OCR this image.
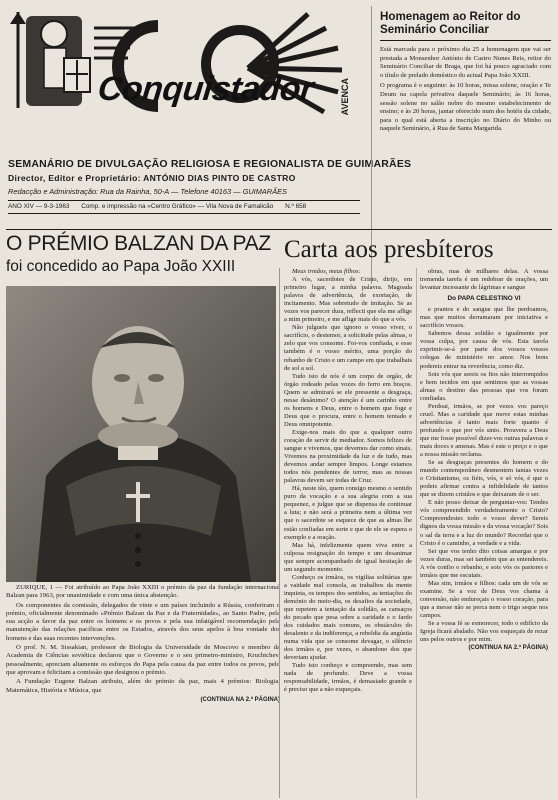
Conquistador	AVENCA
SEMANÁRIO DE DIVULGAÇÃO RELIGIOSA E REGIONALISTA DE GUIMARÃES
Director, Editor e Proprietário: ANTÓNIO DIAS PINTO DE CASTRO
Redacção e Administração: Rua da Rainha, 50-A — Telefone 40163 — GUIMARÃES
ANO XIV — 9-3-1963 Comp. e impressão na «Centro Gráfico» — Vila Nova de Famalicão N.º 658
Homenagem ao Reitor do Seminário Conciliar

Está marcada para o próximo dia 25 a homenagem que vai ser prestada a Monsenhor António de Castro Nunes Reis, reitor do Seminário Conciliar de Braga, que foi há pouco agraciado com o título de prelado doméstico do actual Papa João XXIII.

O programa é o seguinte: às 10 horas, missa solene, oração e Te Deum na capela privativa daquele Seminário; às 16 horas, sessão solene no salão nobre do mesmo estabelecimento de ensino; e às 20 horas, jantar oferecido num dos hotéis da cidade, para o qual está aberta a inscrição no Diário do Minho ou naquele Seminário, à Rua de Santa Margarida.

O PRÉMIO BALZAN DA PAZ
foi concedido ao Papa João XXIII

ZURIQUE, 1 — Foi atribuído ao Papa João XXIII o prémio da paz da fundação internacional Balzan para 1963, por unanimidade e com uma única abstenção.

Os componentes da comissão, delegados de vinte e um países incluindo a Rússia, conferiram o prémio, oficialmente denominado «Prémio Balzan da Paz e da Fraternidade», ao Santo Padre, pela sua acção a favor da paz entre os homens e os povos e pela sua infatigável recomendação pela manutenção das relações pacíficas entre os Estados, através dos seus apelos à boa vontade dos homens e das suas recentes intervenções.

O prof. N. M. Sissakian, professor de Biologia da Universidade de Moscovo e membro da Academia de Ciências soviética declarou que o Governo e o seu primeiro-ministro, Kruchtchev, pessoalmente, apreciam altamente os esforços do Papa pela causa da paz entre todos os povos, pelo que aprovam e felicitam a comissão que designou o prémio.

A Fundação Eugene Balzan atribuiu, além do prémio da paz, mais 4 prémios: Biologia, Matemática, História e Música, que

(CONTINUA NA 2.ª PÁGINA)
Carta aos presbíteros

Meus irmãos, meus filhos:

A vós, sacerdotes de Cristo, dirijo, em primeiro lugar, a minha palavra. Magoada palavra de advertência, de exortação, de incitamento. Mas sobretudo de imitação. Se as vezes vos parecer dura, reflecti que ela me aflige a mim primeiro, e me aflige mais do que a vós.

Não julgueis que ignoro o vosso viver, o sacrifício, o destemor, a solicitude pelas almas, o zelo que vos consome. Foi-vos confiada, e esse também é o vosso mérito, uma porção do rebanho de Cristo e um campo em que trabalhais de sol a sol.

Tudo isto de nós é um corpo de orgão, de órgão rodeado pelas vozes do ferro em braços. Quem se admirará se ele pressente a desgraça, nesse desânimo? O atenção é um carinho entre os homens e Deus, entre o homem que foge e Deus que o procura, entre o homem tentado e Deus omnipotente.

Exige-nos mais do que a qualquer outro coração de servir de mediador. Somos felizes de sangue e vivemos, que devemos dar como sinais. Vivemos na proximidade da luz e de tudo, mas devemos andar sempre limpos. Longe estamos todos nós pendentes de terror, mas as nossas palavras devem ser todas de Cruz.

Há, neste tão, quem consigo mesmo o sentido puro da vocação e a sua alegria com a sua pequenez, e julgue que se dispensa de continuar a luta; e não será a primeira nem a última vez que o sacerdote se esquece de que as almas lhe estão confiadas em sorte e que de ele se espera o exemplo e a oração.

Mas há, infelizmente quem viva entre a culposa resignação do tempo e um desanimar que sempre acompanhado de igual hesitação de um segundo momento.

Conheço os irmãos, os vigilias solitárias que a vaidade mal consola, as trabalhos da mente inquieta, os tempos dos sentidos, as tentações do demónio do meio-dia, os desafios da sociedade, que repetem a tentação da solidão, as cansaços do pecado que pesa sobre a caridade e o fardo dos cuidados mais comuns, os obstáculos do desalento e da indiferença, a rebeldia da angústia numa vida que se consome devagar, o silêncio dos irmãos e, por vezes, o abandono dos que deveriam ajudar.

Tudo isto conheço e compreendo, mas sem nada de profundo. Deve a vossa responsabilidade, irmãos, é demasiado grande e é preciso que a não esqueçais.

obras, mas de milhares delas. A vossa tremenda tarefa é um redobrar de orações, um levantar incessante de lágrimas e sangue

Do PAPA CELESTINO VI

e prantos e do sangue que lhe perdoamos, mas que muitos derramaram por iniciativa e sacrifício vossos.

Sabemos dessa solidão e igualmente por vossa culpa, por causa de vós. Esta tarefa exprimir-se-á por parte dos vossos vossos colegas de ministério no amor. Nos bons podereis entrar na reverência, como diz.

Sois vós que sereis os fios não interrompidos e bem tecidos em que sentimos que as vossas almas o destino das pessoas que vos foram confiadas.

Perdoai, irmãos, se por vezes vos pareço cruel. Mas a caridade que move estas minhas advertências é tanto mais forte quanto é profundo o que por vós sinto. Prouvera a Deus que me fosse possível dizer-vos outras palavras e mais doces e amenas. Mas é este o preço e o que a nossa missão reclama.

Se as desgraças presentes do homem e do mundo contemporâneo desmentem tantas vezes o Cristianismo, os fiéis, vós, e só vós, é que o podeis afirmar contra a infidelidade de tantos que se dizem cristãos e que deixaram de o ser.

E não posso deixar de perguntar-vos: Tendes vós compreendido verdadeiramente o Cristo? Compreendestes todo o vosso dever? Sereis dignos da vossa missão e da vossa vocação? Sois o sal da terra e a luz do mundo? Recordai que o Cristo é o caminho, a verdade e a vida.

Sei que vos tenho dito coisas amargas e por vezes duras, mas sei também que as entendereis. A vós confio o rebanho, e sois vós os pastores e irmãos que me escutais.

Mas sim, irmãos e filhos: cada um de vós se examine. Se a voz de Deus vos chama à conversão, não endureçais o vosso coração, para que a messe não se perca nem o trigo seque nos campos.

Se a vossa fé se esmorecer, todo o edifício da Igreja ficará abalado. Não vos esqueçais de rezar uns pelos outros e por mim.

(CONTINUA NA 2.ª PÁGINA)
